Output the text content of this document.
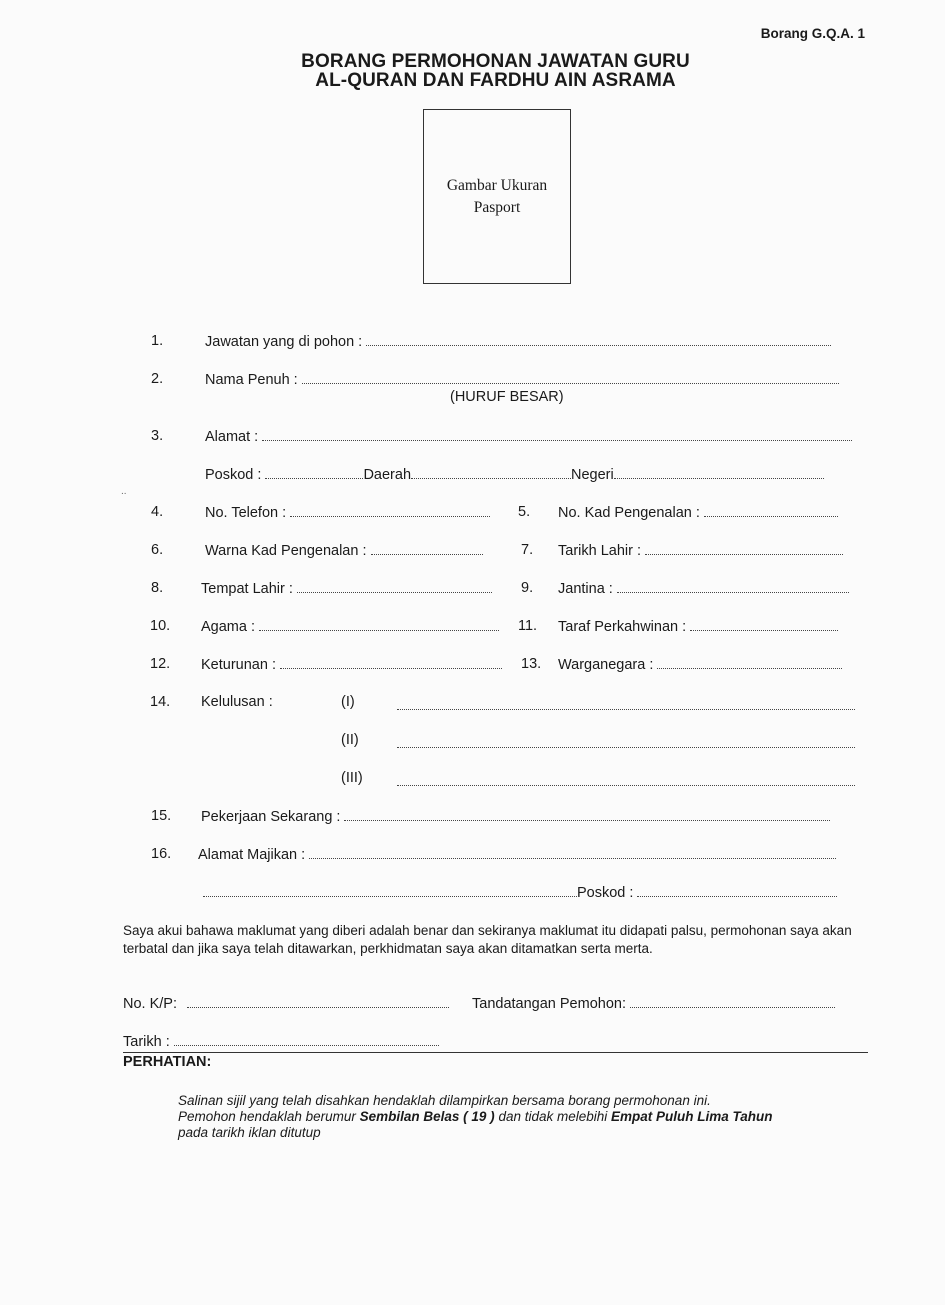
Borang G.Q.A. 1
BORANG PERMOHONAN JAWATAN GURU
AL-QURAN DAN FARDHU AIN ASRAMA
Gambar Ukuran
Pasport
1.	Jawatan yang di pohon :
2.	Nama Penuh :
(HURUF BESAR)
3.	Alamat :
Poskod :	Daerah	Negeri
..
4.	No. Telefon :	5. No. Kad Pengenalan :
6.	Warna Kad Pengenalan :	7. Tarikh Lahir :
8.	Tempat Lahir :	9. Jantina :
10. Agama :	11. Taraf Perkahwinan :
12. Keturunan :	13. Warganegara :
14. Kelulusan :	(I)
(II)
(III)
15. Pekerjaan Sekarang :
16. Alamat Majikan :
Poskod :
Saya akui bahawa maklumat yang diberi adalah benar dan sekiranya maklumat itu didapati palsu, permohonan saya akan terbatal dan jika saya telah ditawarkan, perkhidmatan saya akan ditamatkan serta merta.
No. K/P:	Tandatangan Pemohon:
Tarikh :
PERHATIAN:
Salinan sijil yang telah disahkan hendaklah dilampirkan bersama borang permohonan ini.
Pemohon hendaklah berumur Sembilan Belas ( 19 ) dan tidak melebihi Empat Puluh Lima Tahun
pada tarikh iklan ditutup
